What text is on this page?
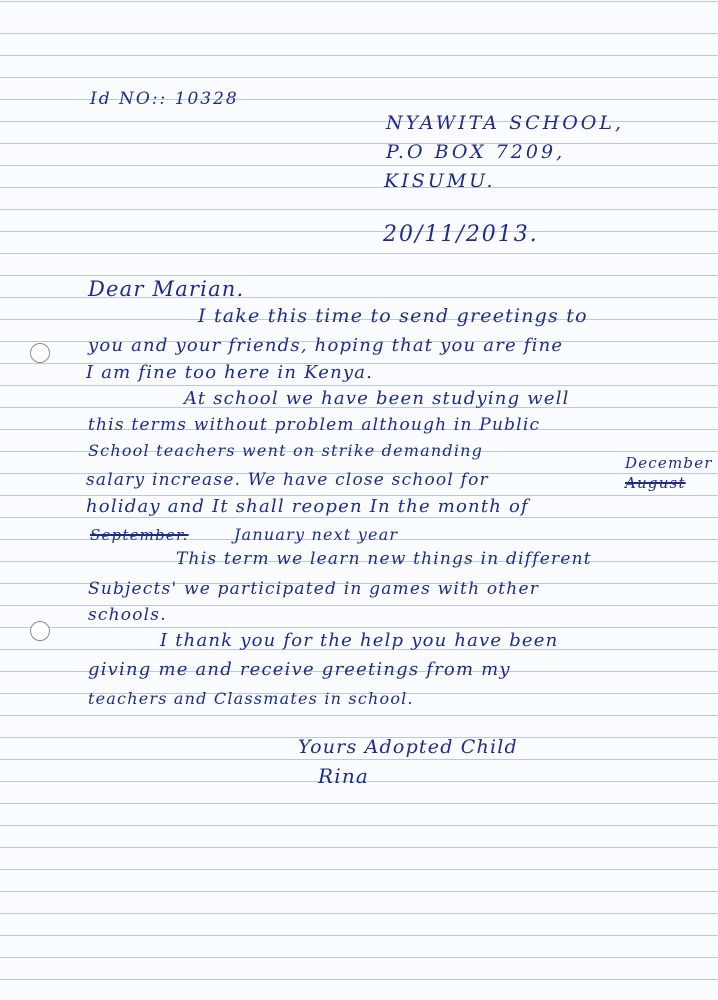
Id NO:: 10328
NYAWITA SCHOOL,
P.O BOX 7209,
KISUMU.
20/11/2013.
Dear Marian.
I take this time to send greetings to
you and your friends, hoping that you are fine
I am fine too here in Kenya.
At school we have been studying well
this terms without problem although in Public
School teachers went on strike demanding
December
salary increase. We have close school for	August
holiday and It shall reopen In the month of
September.	January next year
This term we learn new things in different
Subjects' we participated in games with other
schools.
I thank you for the help you have been
giving me and receive greetings from my
teachers and Classmates in school.
Yours Adopted Child
Rina
